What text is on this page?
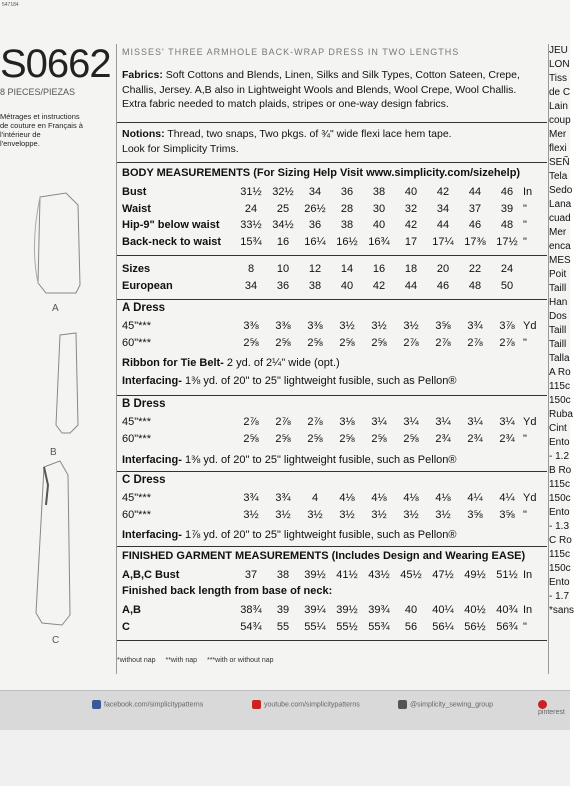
547184
S0662
8 PIECES/PIEZAS
Métrages et instructions
de couture en Français à
l'intérieur de
l'enveloppe.
A
B
C
MISSES' THREE ARMHOLE BACK-WRAP DRESS IN TWO LENGTHS
Fabrics: Soft Cottons and Blends, Linen, Silks and Silk Types, Cotton Sateen, Crepe,
Challis, Jersey. A,B also in Lightweight Wools and Blends, Wool Crepe, Wool Challis.
Extra fabric needed to match plaids, stripes or one-way design fabrics.
Notions: Thread, two snaps, Two pkgs. of ¾" wide flexi lace hem tape.
Look for Simplicity Trims.
BODY MEASUREMENTS (For Sizing Help Visit www.simplicity.com/sizehelp)
Bust	31½	32½	34	36	38	40	42	44	46	In
Waist	24	25	26½	28	30	32	34	37	39	"
Hip-9" below waist	33½	34½	36	38	40	42	44	46	48	"
Back-neck to waist	15¾	16	16¼	16½	16¾	17	17¼	17⅜	17½	"
Sizes	8	10	12	14	16	18	20	22	24	
European	34	36	38	40	42	44	46	48	50	
A Dress
45"***	3⅜	3⅜	3⅜	3½	3½	3½	3⅝	3¾	3⅞	Yd
60"***	2⅝	2⅝	2⅝	2⅝	2⅝	2⅞	2⅞	2⅞	2⅞	"
Ribbon for Tie Belt- 2 yd. of 2¼" wide (opt.)
Interfacing- 1⅜ yd. of 20" to 25" lightweight fusible, such as Pellon®
B Dress
45"***	2⅞	2⅞	2⅞	3⅛	3¼	3¼	3¼	3¼	3¼	Yd
60"***	2⅝	2⅝	2⅝	2⅝	2⅝	2⅝	2¾	2¾	2¾	"
Interfacing- 1⅜ yd. of 20" to 25" lightweight fusible, such as Pellon®
C Dress
45"***	3¾	3¾	4	4⅛	4⅛	4⅛	4⅛	4¼	4¼	Yd
60"***	3½	3½	3½	3½	3½	3½	3½	3⅝	3⅝	"
Interfacing- 1⅞ yd. of 20" to 25" lightweight fusible, such as Pellon®
FINISHED GARMENT MEASUREMENTS (Includes Design and Wearing EASE)
A,B,C Bust	37	38	39½	41½	43½	45½	47½	49½	51½	In
Finished back length from base of neck:
A,B	38¾	39	39¼	39½	39¾	40	40¼	40½	40¾	In
C	54¾	55	55¼	55½	55¾	56	56¼	56½	56¾	"
*without nap **with nap ***with or without nap
JEU
LON
Tiss
de C
Lain
coup
Mer
flexi
SEÑ
Tela
Sedo
Lana
cuad
Mer
enca
MES
Poit
Taill
Han
Dos
Taill
Taill
Talla
A Ro
115c
150c
Ruba
Cint
Ento
- 1.2
B Ro
115c
150c
Ento
- 1.3
C Ro
115c
150c
Ento
- 1.7
*sans
facebook.com/simplicitypatterns	youtube.com/simplicitypatterns	@simplicity_sewing_group
pinterest
